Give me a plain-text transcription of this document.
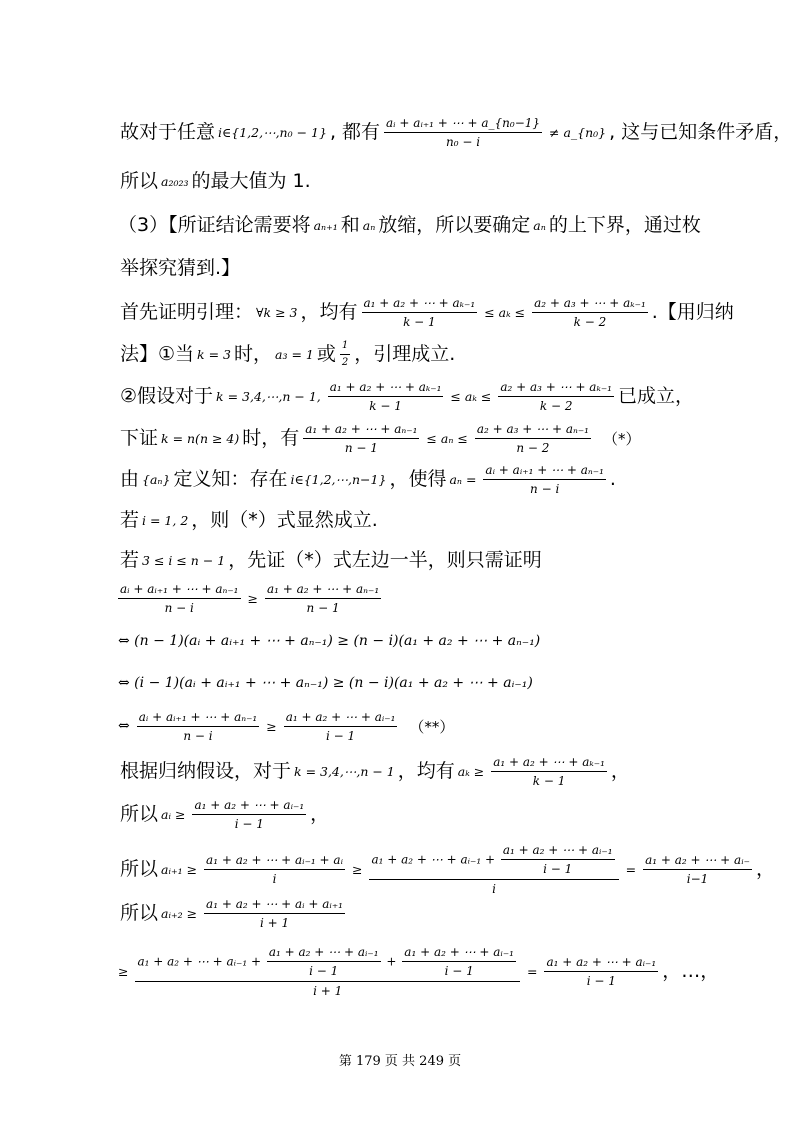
故对于任意 i∈{1,2,⋯,n₀ − 1} , 都有 $\frac{\text{aᵢ + aᵢ₊₁ + ⋯ + a\_\{n₀−1\}}}{\text{n₀ − i}}$ ≠ a_{n₀} , 这与已知条件矛盾，
所以 a₂₀₂₃ 的最大值为 1.
（3）【所证结论需要将 aₙ₊₁ 和 aₙ 放缩，所以要确定 aₙ 的上下界，通过枚
举探究猜到.】
首先证明引理： ∀k ≥ 3 ，均有 $\frac{\text{a₁ + a₂ + ⋯ + aₖ₋₁}}{k - 1} \le a_k \le \frac{\text{a₂ + a₃ + ⋯ + aₖ₋₁}}{k - 2}$ .【用归纳
法】①当 k = 3 时， a₃ = 1 或 $\frac{1}{2}$ ，引理成立.
②假设对于 k = 3,4,⋯,n − 1, $\frac{\text{a₁ + a₂ + ⋯ + aₖ₋₁}}{k - 1} \le a_k \le \frac{\text{a₂ + a₃ + ⋯ + aₖ₋₁}}{k - 2}$ 已成立，
下证 k = n(n ≥ 4) 时，有 $\frac{\text{a₁ + a₂ + ⋯ + aₙ₋₁}}{n - 1} \le a_n \le \frac{\text{a₂ + a₃ + ⋯ + aₙ₋₁}}{n - 2}$ （*）
由 {aₙ} 定义知：存在 i∈{1,2,⋯,n−1} ，使得 $a_n = \frac{\text{aᵢ + aᵢ₊₁ + ⋯ + aₙ₋₁}}{n - i}$ .
若 i = 1, 2 ，则（*）式显然成立.
若 3 ≤ i ≤ n − 1 ，先证（*）式左边一半，则只需证明
$\frac{\text{aᵢ + aᵢ₊₁ + ⋯ + aₙ₋₁}}{n - i} \ge \frac{\text{a₁ + a₂ + ⋯ + aₙ₋₁}}{n - 1}$
⇔ (n − 1)(aᵢ + aᵢ₊₁ + ⋯ + aₙ₋₁) ≥ (n − i)(a₁ + a₂ + ⋯ + aₙ₋₁)
⇔ (i − 1)(aᵢ + aᵢ₊₁ + ⋯ + aₙ₋₁) ≥ (n − i)(a₁ + a₂ + ⋯ + aᵢ₋₁)
⇔ $\frac{\text{aᵢ + aᵢ₊₁ + ⋯ + aₙ₋₁}}{n - i} \ge \frac{\text{a₁ + a₂ + ⋯ + aᵢ₋₁}}{i - 1}$ （**）
根据归纳假设，对于 k = 3,4,⋯,n − 1 ，均有 $a_k \ge \frac{\text{a₁ + a₂ + ⋯ + aₖ₋₁}}{k - 1}$ ，
所以 aᵢ ≥ $\frac{\text{a₁ + a₂ + ⋯ + aᵢ₋₁}}{i - 1}$ ，
所以 aᵢ₊₁ ≥ $\frac{\text{a₁ + a₂ + ⋯ + aᵢ₋₁ + aᵢ}}{i}$ ≥
a₁ + a₂ + ⋯ + aᵢ₋₁ + $\frac{\text{a₁ + a₂ + ⋯ + aᵢ₋₁}}{i - 1}$
i
= $\frac{\text{a₁ + a₂ + ⋯ + aᵢ₋}}{i-1}$ ，
所以 aᵢ₊₂ ≥ $\frac{\text{a₁ + a₂ + ⋯ + aᵢ + aᵢ₊₁}}{i + 1}$
≥
a₁ + a₂ + ⋯ + aᵢ₋₁ + $\frac{\text{a₁ + a₂ + ⋯ + aᵢ₋₁}}{i - 1} + \frac{\text{a₁ + a₂ + ⋯ + aᵢ₋₁}}{i - 1}$
i + 1
= $\frac{\text{a₁ + a₂ + ⋯ + aᵢ₋₁}}{i - 1}$ ，…，
第 179 页 共 249 页
